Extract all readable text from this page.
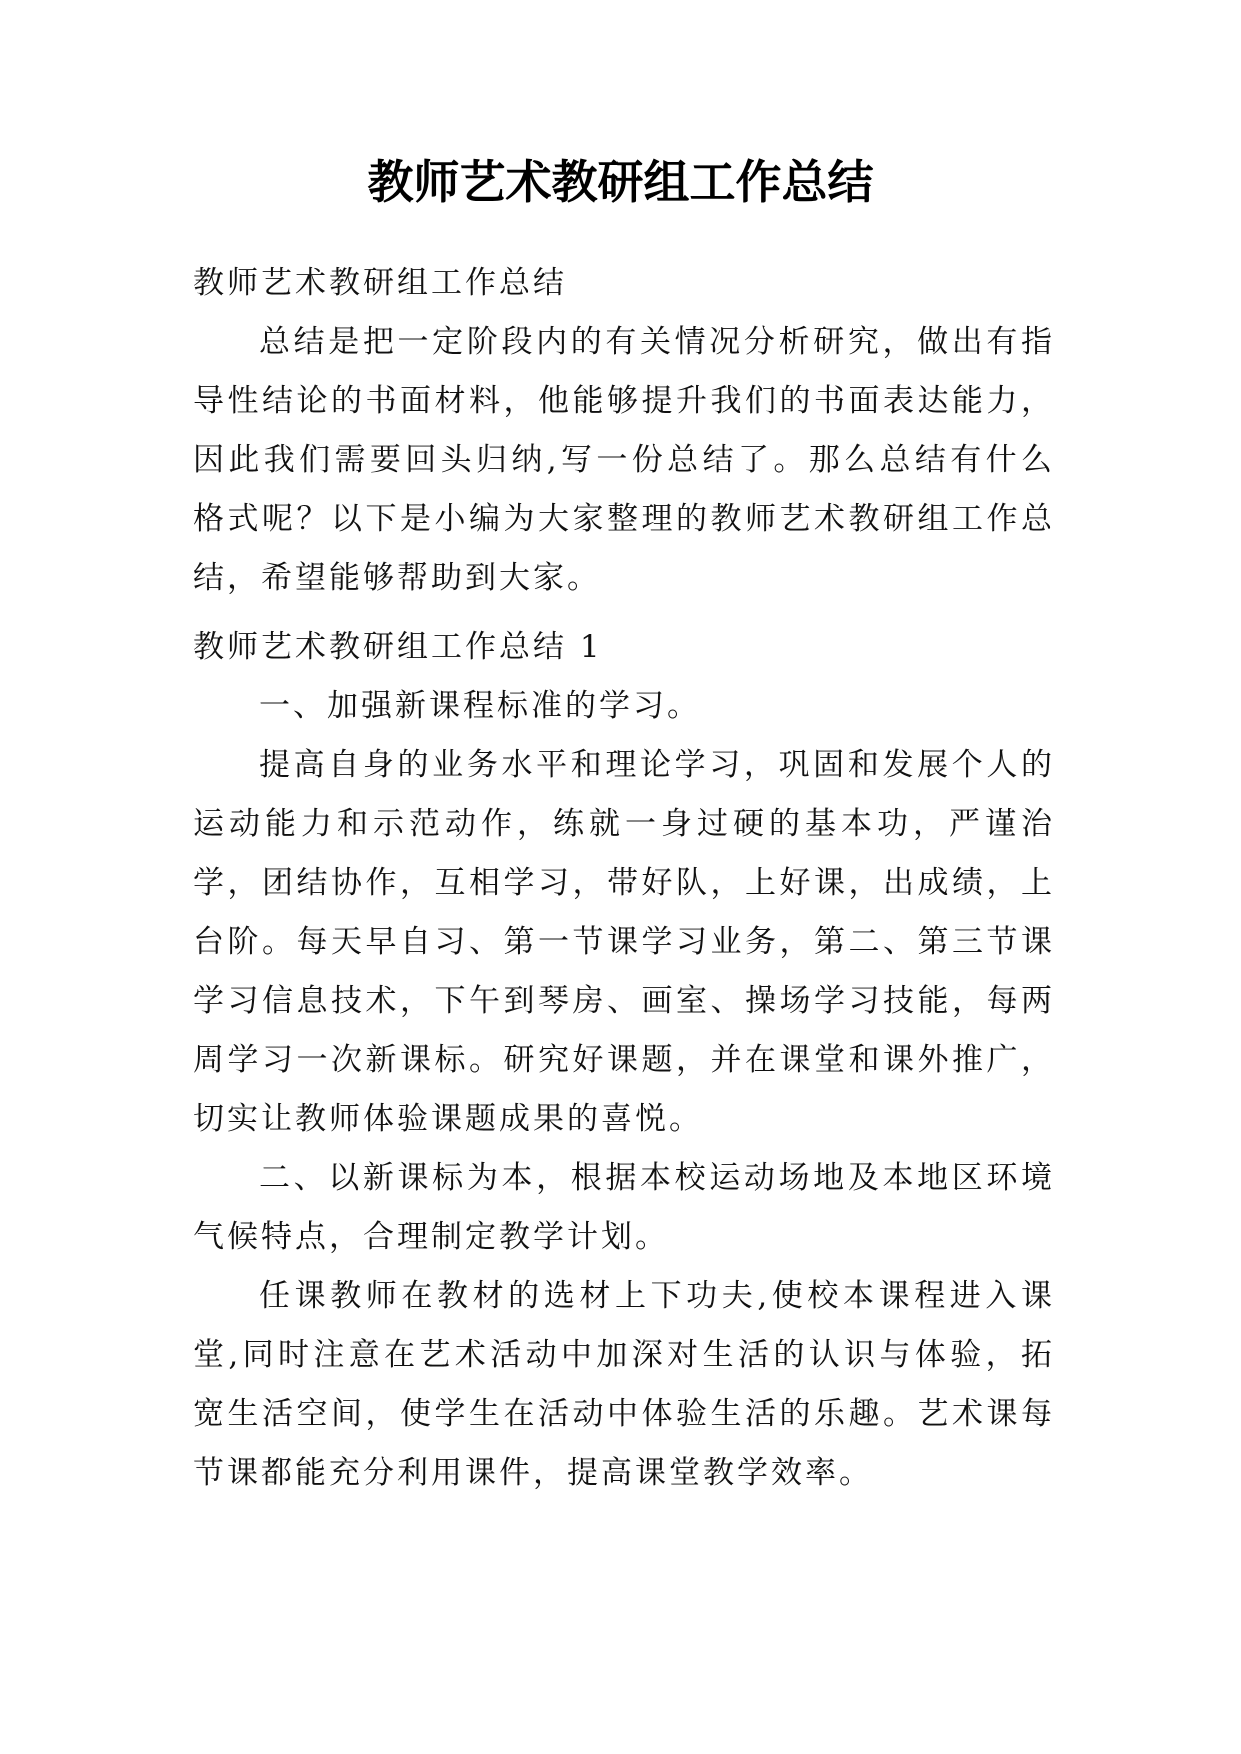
教师艺术教研组工作总结

教师艺术教研组工作总结

总结是把一定阶段内的有关情况分析研究，做出有指导性结论的书面材料，他能够提升我们的书面表达能力，因此我们需要回头归纳,写一份总结了。那么总结有什么格式呢？以下是小编为大家整理的教师艺术教研组工作总结，希望能够帮助到大家。

教师艺术教研组工作总结 1

一、加强新课程标准的学习。

提高自身的业务水平和理论学习，巩固和发展个人的运动能力和示范动作，练就一身过硬的基本功，严谨治学，团结协作，互相学习，带好队，上好课，出成绩，上台阶。每天早自习、第一节课学习业务，第二、第三节课学习信息技术，下午到琴房、画室、操场学习技能，每两周学习一次新课标。研究好课题，并在课堂和课外推广，切实让教师体验课题成果的喜悦。

二、以新课标为本，根据本校运动场地及本地区环境气候特点，合理制定教学计划。

任课教师在教材的选材上下功夫,使校本课程进入课堂,同时注意在艺术活动中加深对生活的认识与体验，拓宽生活空间，使学生在活动中体验生活的乐趣。艺术课每节课都能充分利用课件，提高课堂教学效率。
